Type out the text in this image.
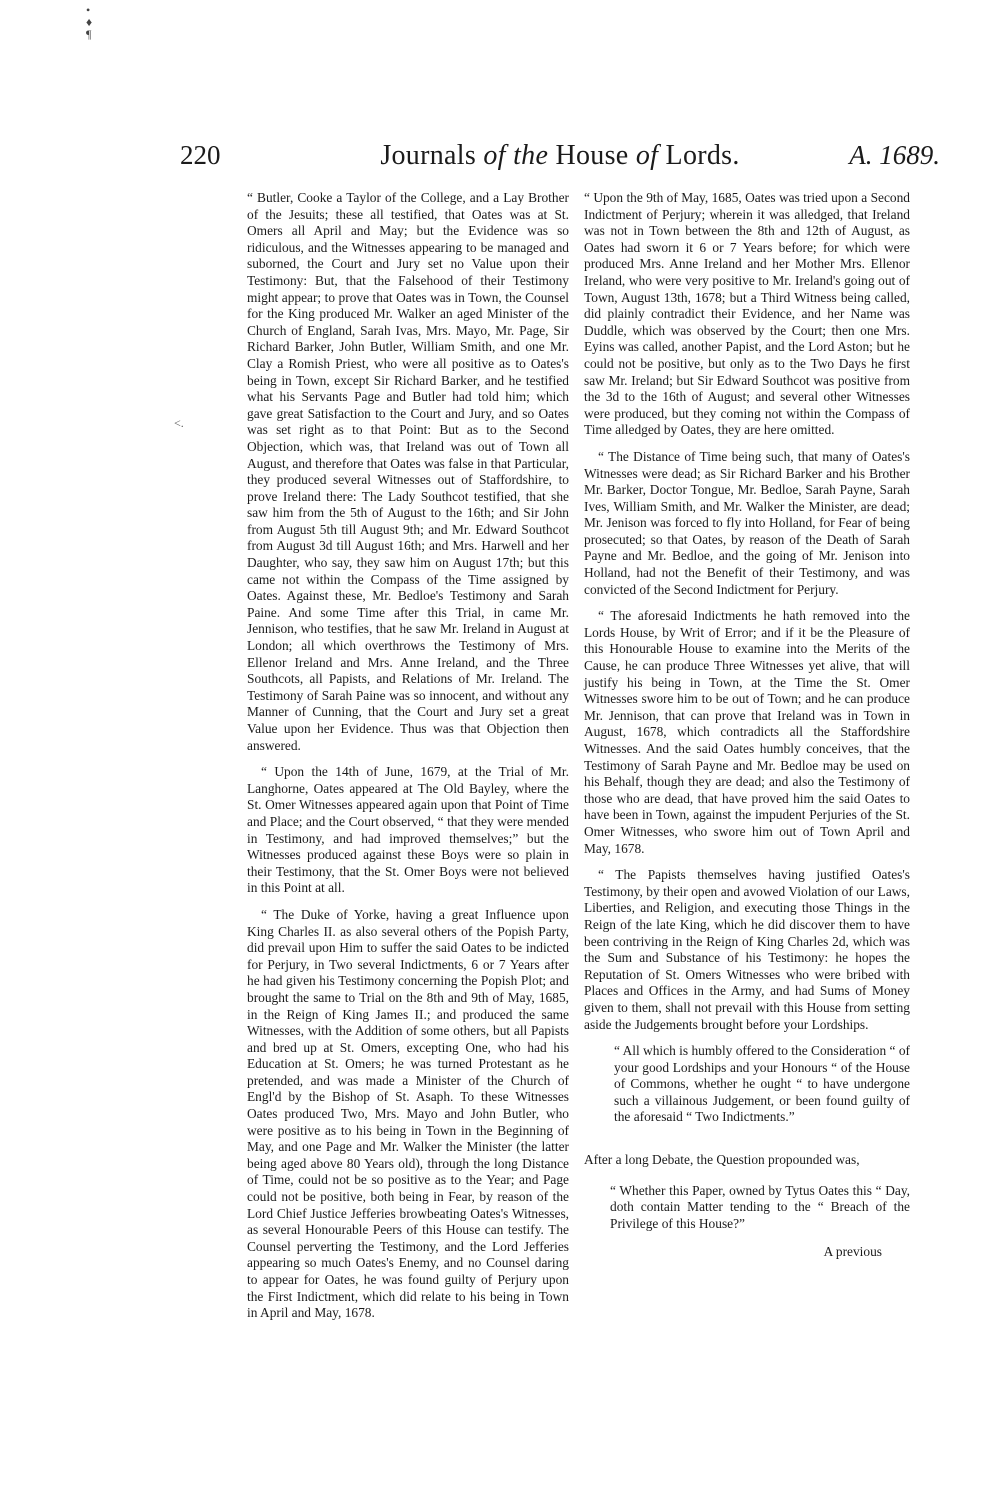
•
♦
¶
<.
220	Journals of the House of Lords.	A. 1689.

“ Butler, Cooke a Taylor of the College, and a Lay Brother of the Jesuits; these all testified, that Oates was at St. Omers all April and May; but the Evidence was so ridiculous, and the Witnesses appearing to be managed and suborned, the Court and Jury set no Value upon their Testimony: But, that the Falsehood of their Testimony might appear; to prove that Oates was in Town, the Counsel for the King produced Mr. Walker an aged Minister of the Church of England, Sarah Ivas, Mrs. Mayo, Mr. Page, Sir Richard Barker, John Butler, William Smith, and one Mr. Clay a Romish Priest, who were all positive as to Oates's being in Town, except Sir Richard Barker, and he testified what his Servants Page and Butler had told him; which gave great Satisfaction to the Court and Jury, and so Oates was set right as to that Point: But as to the Second Objection, which was, that Ireland was out of Town all August, and therefore that Oates was false in that Particular, they produced several Witnesses out of Staffordshire, to prove Ireland there: The Lady Southcot testified, that she saw him from the 5th of August to the 16th; and Sir John from August 5th till August 9th; and Mr. Edward Southcot from August 3d till August 16th; and Mrs. Harwell and her Daughter, who say, they saw him on August 17th; but this came not within the Compass of the Time assigned by Oates. Against these, Mr. Bedloe's Testimony and Sarah Paine. And some Time after this Trial, in came Mr. Jennison, who testifies, that he saw Mr. Ireland in August at London; all which overthrows the Testimony of Mrs. Ellenor Ireland and Mrs. Anne Ireland, and the Three Southcots, all Papists, and Relations of Mr. Ireland. The Testimony of Sarah Paine was so innocent, and without any Manner of Cunning, that the Court and Jury set a great Value upon her Evidence. Thus was that Objection then answered.

“ Upon the 14th of June, 1679, at the Trial of Mr. Langhorne, Oates appeared at The Old Bayley, where the St. Omer Witnesses appeared again upon that Point of Time and Place; and the Court observed, “ that they were mended in Testimony, and had improved themselves;” but the Witnesses produced against these Boys were so plain in their Testimony, that the St. Omer Boys were not believed in this Point at all.

“ The Duke of Yorke, having a great Influence upon King Charles II. as also several others of the Popish Party, did prevail upon Him to suffer the said Oates to be indicted for Perjury, in Two several Indictments, 6 or 7 Years after he had given his Testimony concerning the Popish Plot; and brought the same to Trial on the 8th and 9th of May, 1685, in the Reign of King James II.; and produced the same Witnesses, with the Addition of some others, but all Papists and bred up at St. Omers, excepting One, who had his Education at St. Omers; he was turned Protestant as he pretended, and was made a Minister of the Church of Engl'd by the Bishop of St. Asaph. To these Witnesses Oates produced Two, Mrs. Mayo and John Butler, who were positive as to his being in Town in the Beginning of May, and one Page and Mr. Walker the Minister (the latter being aged above 80 Years old), through the long Distance of Time, could not be so positive as to the Year; and Page could not be positive, both being in Fear, by reason of the Lord Chief Justice Jefferies browbeating Oates's Witnesses, as several Honourable Peers of this House can testify. The Counsel perverting the Testimony, and the Lord Jefferies appearing so much Oates's Enemy, and no Counsel daring to appear for Oates, he was found guilty of Perjury upon the First Indictment, which did relate to his being in Town in April and May, 1678.

“ Upon the 9th of May, 1685, Oates was tried upon a Second Indictment of Perjury; wherein it was alledged, that Ireland was not in Town between the 8th and 12th of August, as Oates had sworn it 6 or 7 Years before; for which were produced Mrs. Anne Ireland and her Mother Mrs. Ellenor Ireland, who were very positive to Mr. Ireland's going out of Town, August 13th, 1678; but a Third Witness being called, did plainly contradict their Evidence, and her Name was Duddle, which was observed by the Court; then one Mrs. Eyins was called, another Papist, and the Lord Aston; but he could not be positive, but only as to the Two Days he first saw Mr. Ireland; but Sir Edward Southcot was positive from the 3d to the 16th of August; and several other Witnesses were produced, but they coming not within the Compass of Time alledged by Oates, they are here omitted.

“ The Distance of Time being such, that many of Oates's Witnesses were dead; as Sir Richard Barker and his Brother Mr. Barker, Doctor Tongue, Mr. Bedloe, Sarah Payne, Sarah Ives, William Smith, and Mr. Walker the Minister, are dead; Mr. Jenison was forced to fly into Holland, for Fear of being prosecuted; so that Oates, by reason of the Death of Sarah Payne and Mr. Bedloe, and the going of Mr. Jenison into Holland, had not the Benefit of their Testimony, and was convicted of the Second Indictment for Perjury.

“ The aforesaid Indictments he hath removed into the Lords House, by Writ of Error; and if it be the Pleasure of this Honourable House to examine into the Merits of the Cause, he can produce Three Witnesses yet alive, that will justify his being in Town, at the Time the St. Omer Witnesses swore him to be out of Town; and he can produce Mr. Jennison, that can prove that Ireland was in Town in August, 1678, which contradicts all the Staffordshire Witnesses. And the said Oates humbly conceives, that the Testimony of Sarah Payne and Mr. Bedloe may be used on his Behalf, though they are dead; and also the Testimony of those who are dead, that have proved him the said Oates to have been in Town, against the impudent Perjuries of the St. Omer Witnesses, who swore him out of Town April and May, 1678.

“ The Papists themselves having justified Oates's Testimony, by their open and avowed Violation of our Laws, Liberties, and Religion, and executing those Things in the Reign of the late King, which he did discover them to have been contriving in the Reign of King Charles 2d, which was the Sum and Substance of his Testimony: he hopes the Reputation of St. Omers Witnesses who were bribed with Places and Offices in the Army, and had Sums of Money given to them, shall not prevail with this House from setting aside the Judgements brought before your Lordships.

“ All which is humbly offered to the Consideration “ of your good Lordships and your Honours “ of the House of Commons, whether he ought “ to have undergone such a villainous Judgement, or been found guilty of the aforesaid “ Two Indictments.”

After a long Debate, the Question propounded was,

“ Whether this Paper, owned by Tytus Oates this “ Day, doth contain Matter tending to the “ Breach of the Privilege of this House?”

A previous
